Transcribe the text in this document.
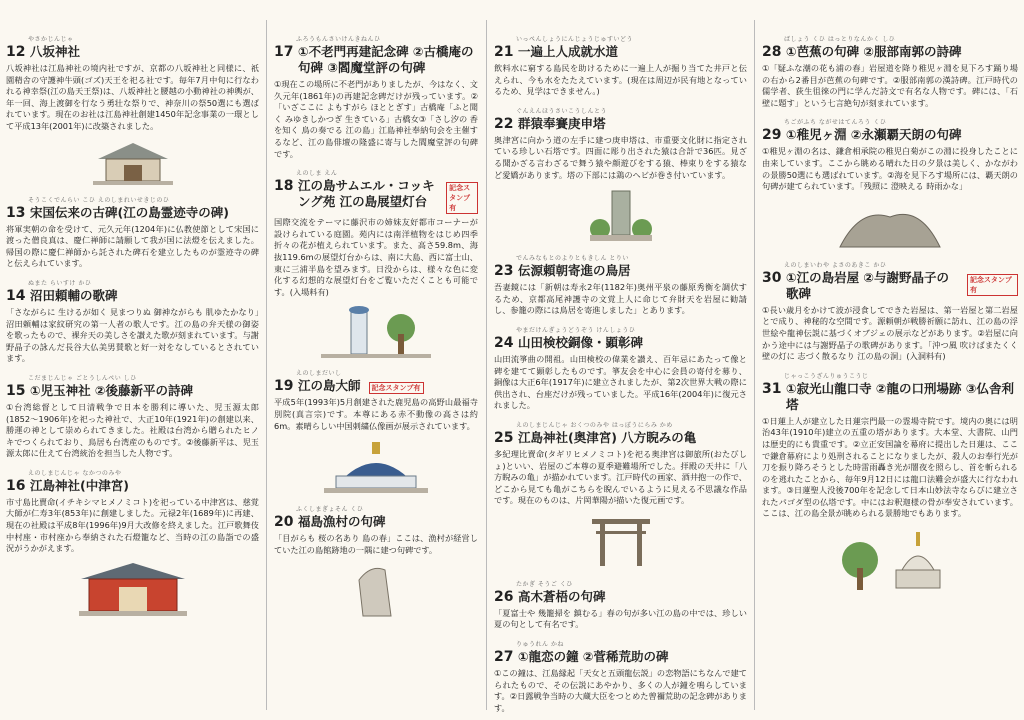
やさかじんじゃ
12 八坂神社

八坂神社は江島神社の境内社ですが、京都の八坂神社と同様に、祇園精舎の守護神牛頭(ゴズ)天王を祀る社です。毎年7月中旬に行なわれる神幸祭(江の島天王祭)は、八坂神社と腰越の小動神社の神輿が、年一回、海上渡御を行なう勇壮な祭りで、神奈川の祭50選にも選ばれています。現在のお社は江島神社創建1450年記念事業の一環として平成13年(2001年)に改築されました。

そうこくでんらい こひ えのしまれいせきじのひ
13 宋国伝来の古碑(江の島霊迹寺の碑)

将軍実朝の命を受けて、元久元年(1204年)に仏教使節として宋国に渡った僧良真は、慶仁禅師に請願して我が国に法燈を伝えました。帰国の際に慶仁禅師から託された碑石を建立したものが霊迹寺の碑と伝えられています。

ぬまた らいすけ かひ
14 沼田頼輔の歌碑

「さながらに 生けるが如く 見まつりぬ 御神ながらも 肌ゆたかなり」沼田頼輔は家紋研究の第一人者の歌人です。江の島の弁天様の御姿を歌ったもので、裸弁天の美しさを讃えた歌が刻まれています。与謝野晶子の詠んだ長谷大仏美男賛歌と好一対をなしているとされています。

こだまじんじゃ ごとうしんぺい しひ
15 ①児玉神社 ②後藤新平の詩碑

①台湾総督として日清戦争で日本を勝利に導いた、児玉源太郎(1852〜1906年)を祀った神社で、大正10年(1921年)の創建以来、勝運の神として崇められてきました。社殿は台湾から贈られたヒノキでつくられており、鳥居も台湾産のものです。②後藤新平は、児玉源太郎に仕えて台湾統治を担当した人物です。

えのしまじんじゃ なかつのみや
16 江島神社(中津宮)

市寸島比賣命(イチキシマヒメノミコト)を祀っている中津宮は、慈覚大師が仁寿3年(853年)に創建しました。元禄2年(1689年)に再建、現在の社殿は平成8年(1996年)9月大改修を終えました。江戸歌舞伎中村座・市村座から奉納された石燈籠など、当時の江の島詣での盛況がうかがえます。

ふろうもんさいけんきねんひ
17 ①不老門再建記念碑 ②古橋庵の句碑 ③閻魔堂評の句碑

①現在この場所に不老門がありましたが、今はなく、文久元年(1861年)の再建記念碑だけが残っています。②「いざここに よもすがら ほととぎす」古橋庵「ふと聞く みゆきしかつぎ 生きている」古橋女③「さし汐の 香を知く 鳥の奏でる 江の島」江島神社奉納句会を主催するなど、江の島俳壇の隆盛に寄与した閻魔堂評の句碑です。

えのしま えん
18 江の島サムエル・コッキング苑 江の島展望灯台
記念スタンプ有

国際交流をテーマに藤沢市の姉妹友好都市コーナーが設けられている庭園。苑内には南洋植物をはじめ四季折々の花が植えられています。また、高さ59.8m、海抜119.6mの展望灯台からは、南に大島、西に富士山、東に三浦半島を望みます。日没からは、様々な色に変化する幻想的な展望灯台をご覧いただくことも可能です。(入場料有)

えのしまだいし
19 江の島大師	記念スタンプ有

平成5年(1993年)5月創建された鹿児島の高野山最福寺別院(真言宗)です。本尊にある赤不動像の高さは約6m。素晴らしい中国刺繍仏像画が展示されています。

ふくしまぎょそん くひ
20 福島漁村の句碑

「目がらも 桜の名あり 島の春」ここは、漁村が経営していた江の島館跡地の一隅に建つ句碑です。

いっぺんしょうにんじょうじゅすいどう
21 一遍上人成就水道

飲料水に窮する島民を助けるために一遍上人が掘り当てた井戸と伝えられ、今も水をたたえています。(現在は周辺が民有地となっているため、見学はできません。)

ぐんえんほうさいこうしんとう
22 群猿奉賽庚申塔

奥津宮に向かう道の左手に建つ庚申塔は、市重要文化財に指定されている珍しい石塔です。四面に彫り出された猿は合計で36匹。見ざる聞かざる言わざるで舞う猿や顔遊びをする猿、棒束りをする猿など愛嬌があります。塔の下部には鶏のヘビが巻き付いています。

でんみなもとのよりともきしん とりい
23 伝源頼朝寄進の鳥居

吾妻鏡には「新朝は寿永2年(1182年)奥州平泉の藤原秀衡を調伏するため、京都高尾神護寺の文覚上人に命じて弁財天を岩屋に勧請し、参籠の際には鳥居を寄進しました」とあります。

やまだけんぎょうどうぞう けんしょうひ
24 山田検校銅像・顕彰碑

山田流箏曲の開祖。山田検校の偉業を讃え、百年忌にあたって像と碑を建てて顕彰したものです。箏友会を中心に会員の寄付を募り、銅像は大正6年(1917年)に建立されましたが、第2次世界大戦の際に供出され、台座だけが残っていました。平成16年(2004年)に復元されました。

えのしまじんじゃ おくつのみや はっぽうにらみ かめ
25 江島神社(奥津宮) 八方睨みの亀

多紀理比賣命(タギリヒメノミコト)を祀る奥津宮は御旅所(おたびしょ)といい、岩屋のご本尊の夏季避難場所でした。拝殿の天井に「八方睨みの亀」が描かれています。江戸時代の画家、酒井抱一の作で、どこから見ても亀がこちらを睨んでいるように見える不思議な作品です。現在のものは、片岡華陽が描いた復元画です。

たかぎ そうご くひ
26 高木蒼梧の句碑

「夏富士や 幾籠掃を 鎮むる」春の句が多い江の島の中では、珍しい夏の句として有名です。

りゅうれん かね
27 ①龍恋の鐘 ②菅稀荒助の碑

①この鐘は、江島縁起「天女と五頭龍伝説」の恋物語にちなんで建てられたもので、その伝説にあやかり、多くの人が鐘を鳴らしています。②日露戦争当時の大蔵大臣をつとめた曾禰荒助の記念碑があります。

ばしょう くひ はっとりなんかく しひ
28 ①芭蕉の句碑 ②服部南郭の詩碑

①「疑ふな潮の花も浦の春」岩屋道を降り稚児ヶ淵を見下ろす踊り場の右から2番目が芭蕉の句碑です。②服部南郭の漢詩碑。江戸時代の儒学者、荻生徂徠の門に学んだ詩文で有名な人物です。碑には、「石壁に題す」という七言絶句が刻まれています。

ちごがふち ながせはてんろう くひ
29 ①稚児ヶ淵 ②永瀬覇天朗の句碑

①稚児ヶ淵の名は、鎌倉相承院の稚児白菊がこの淵に投身したことに由来しています。ここから眺める晴れた日の夕景は美しく、かながわの景勝50選にも選ばれています。②海を見下ろす場所には、覇天朗の句碑が建てられています。「残照に 澄映える 時雨かな」

えのしまいわや よさのあきこ かひ
30 ①江の島岩屋 ②与謝野晶子の歌碑
記念スタンプ有

①長い歳月をかけて波が浸食してできた岩屋は、第一岩屋と第二岩屋とで成り、神秘的な空間です。源頼朝が戦勝祈願に訪れ、江の島の浮世絵や龍神伝説に基づくオブジェの展示などがあります。②岩屋に向かう途中には与謝野晶子の歌碑があります。「沖つ風 吹けばまたくく 壁の灯に 志づく散るなり 江の島の洞」(入洞料有)

じゃっこうざんりゅうこうじ
31 ①寂光山龍口寺 ②龍の口刑場跡 ③仏舎利塔

①日蓮上人が建立した日蓮宗門最一の霊場寺院です。境内の奥には明治43年(1910年)建立の五重の塔があります。大本堂、大書院、山門は歴史的にも貴重です。②立正安国論を幕府に提出した日蓮は、ここで鎌倉幕府により処刑されることになりましたが、殺人のお奉行光が刀を振り降ろそうとした時雷雨轟き光が闇夜を照らし、首を斬られるのを逃れたことから、毎年9月12日には龍口法難会が盛大に行なわれます。③日蓮聖人没後700年を記念して日本山妙法寺ならびに建立されたパゴダ型の仏塔です。中にはお釈迦様の骨が奉安されています。ここは、江の島全景が眺められる景勝地でもあります。
